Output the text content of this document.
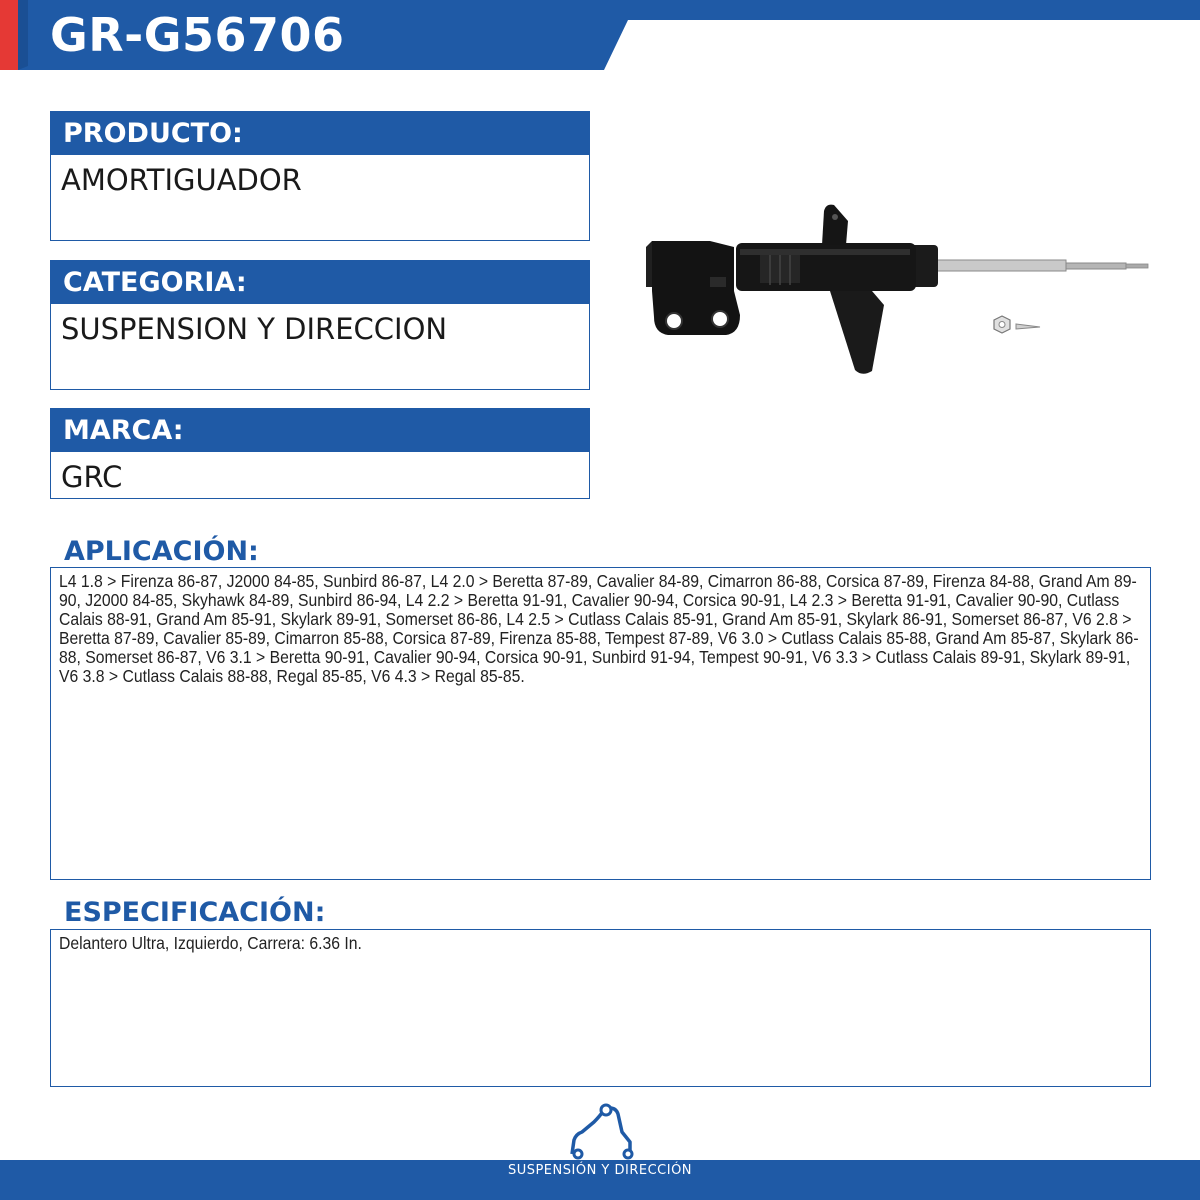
GR-G56706
PRODUCTO:
AMORTIGUADOR
CATEGORIA:
SUSPENSION Y DIRECCION
MARCA:
GRC
APLICACIÓN:
L4 1.8 > Firenza 86-87, J2000 84-85, Sunbird 86-87, L4 2.0 > Beretta 87-89, Cavalier 84-89, Cimarron 86-88, Corsica 87-89, Firenza 84-88, Grand Am 89-90, J2000 84-85, Skyhawk 84-89, Sunbird 86-94, L4 2.2 > Beretta 91-91, Cavalier 90-94, Corsica 90-91, L4 2.3 > Beretta 91-91, Cavalier 90-90, Cutlass Calais 88-91, Grand Am 85-91, Skylark 89-91, Somerset 86-86, L4 2.5 > Cutlass Calais 85-91, Grand Am 85-91, Skylark 86-91, Somerset 86-87, V6 2.8 > Beretta 87-89, Cavalier 85-89, Cimarron 85-88, Corsica 87-89, Firenza 85-88, Tempest 87-89, V6 3.0 > Cutlass Calais 85-88, Grand Am 85-87, Skylark 86-88, Somerset 86-87, V6 3.1 > Beretta 90-91, Cavalier 90-94, Corsica 90-91, Sunbird 91-94, Tempest 90-91, V6 3.3 > Cutlass Calais 89-91, Skylark 89-91, V6 3.8 > Cutlass Calais 88-88, Regal 85-85, V6 4.3 > Regal 85-85.
ESPECIFICACIÓN:
Delantero Ultra, Izquierdo, Carrera: 6.36 In.
SUSPENSIÓN Y DIRECCIÓN
